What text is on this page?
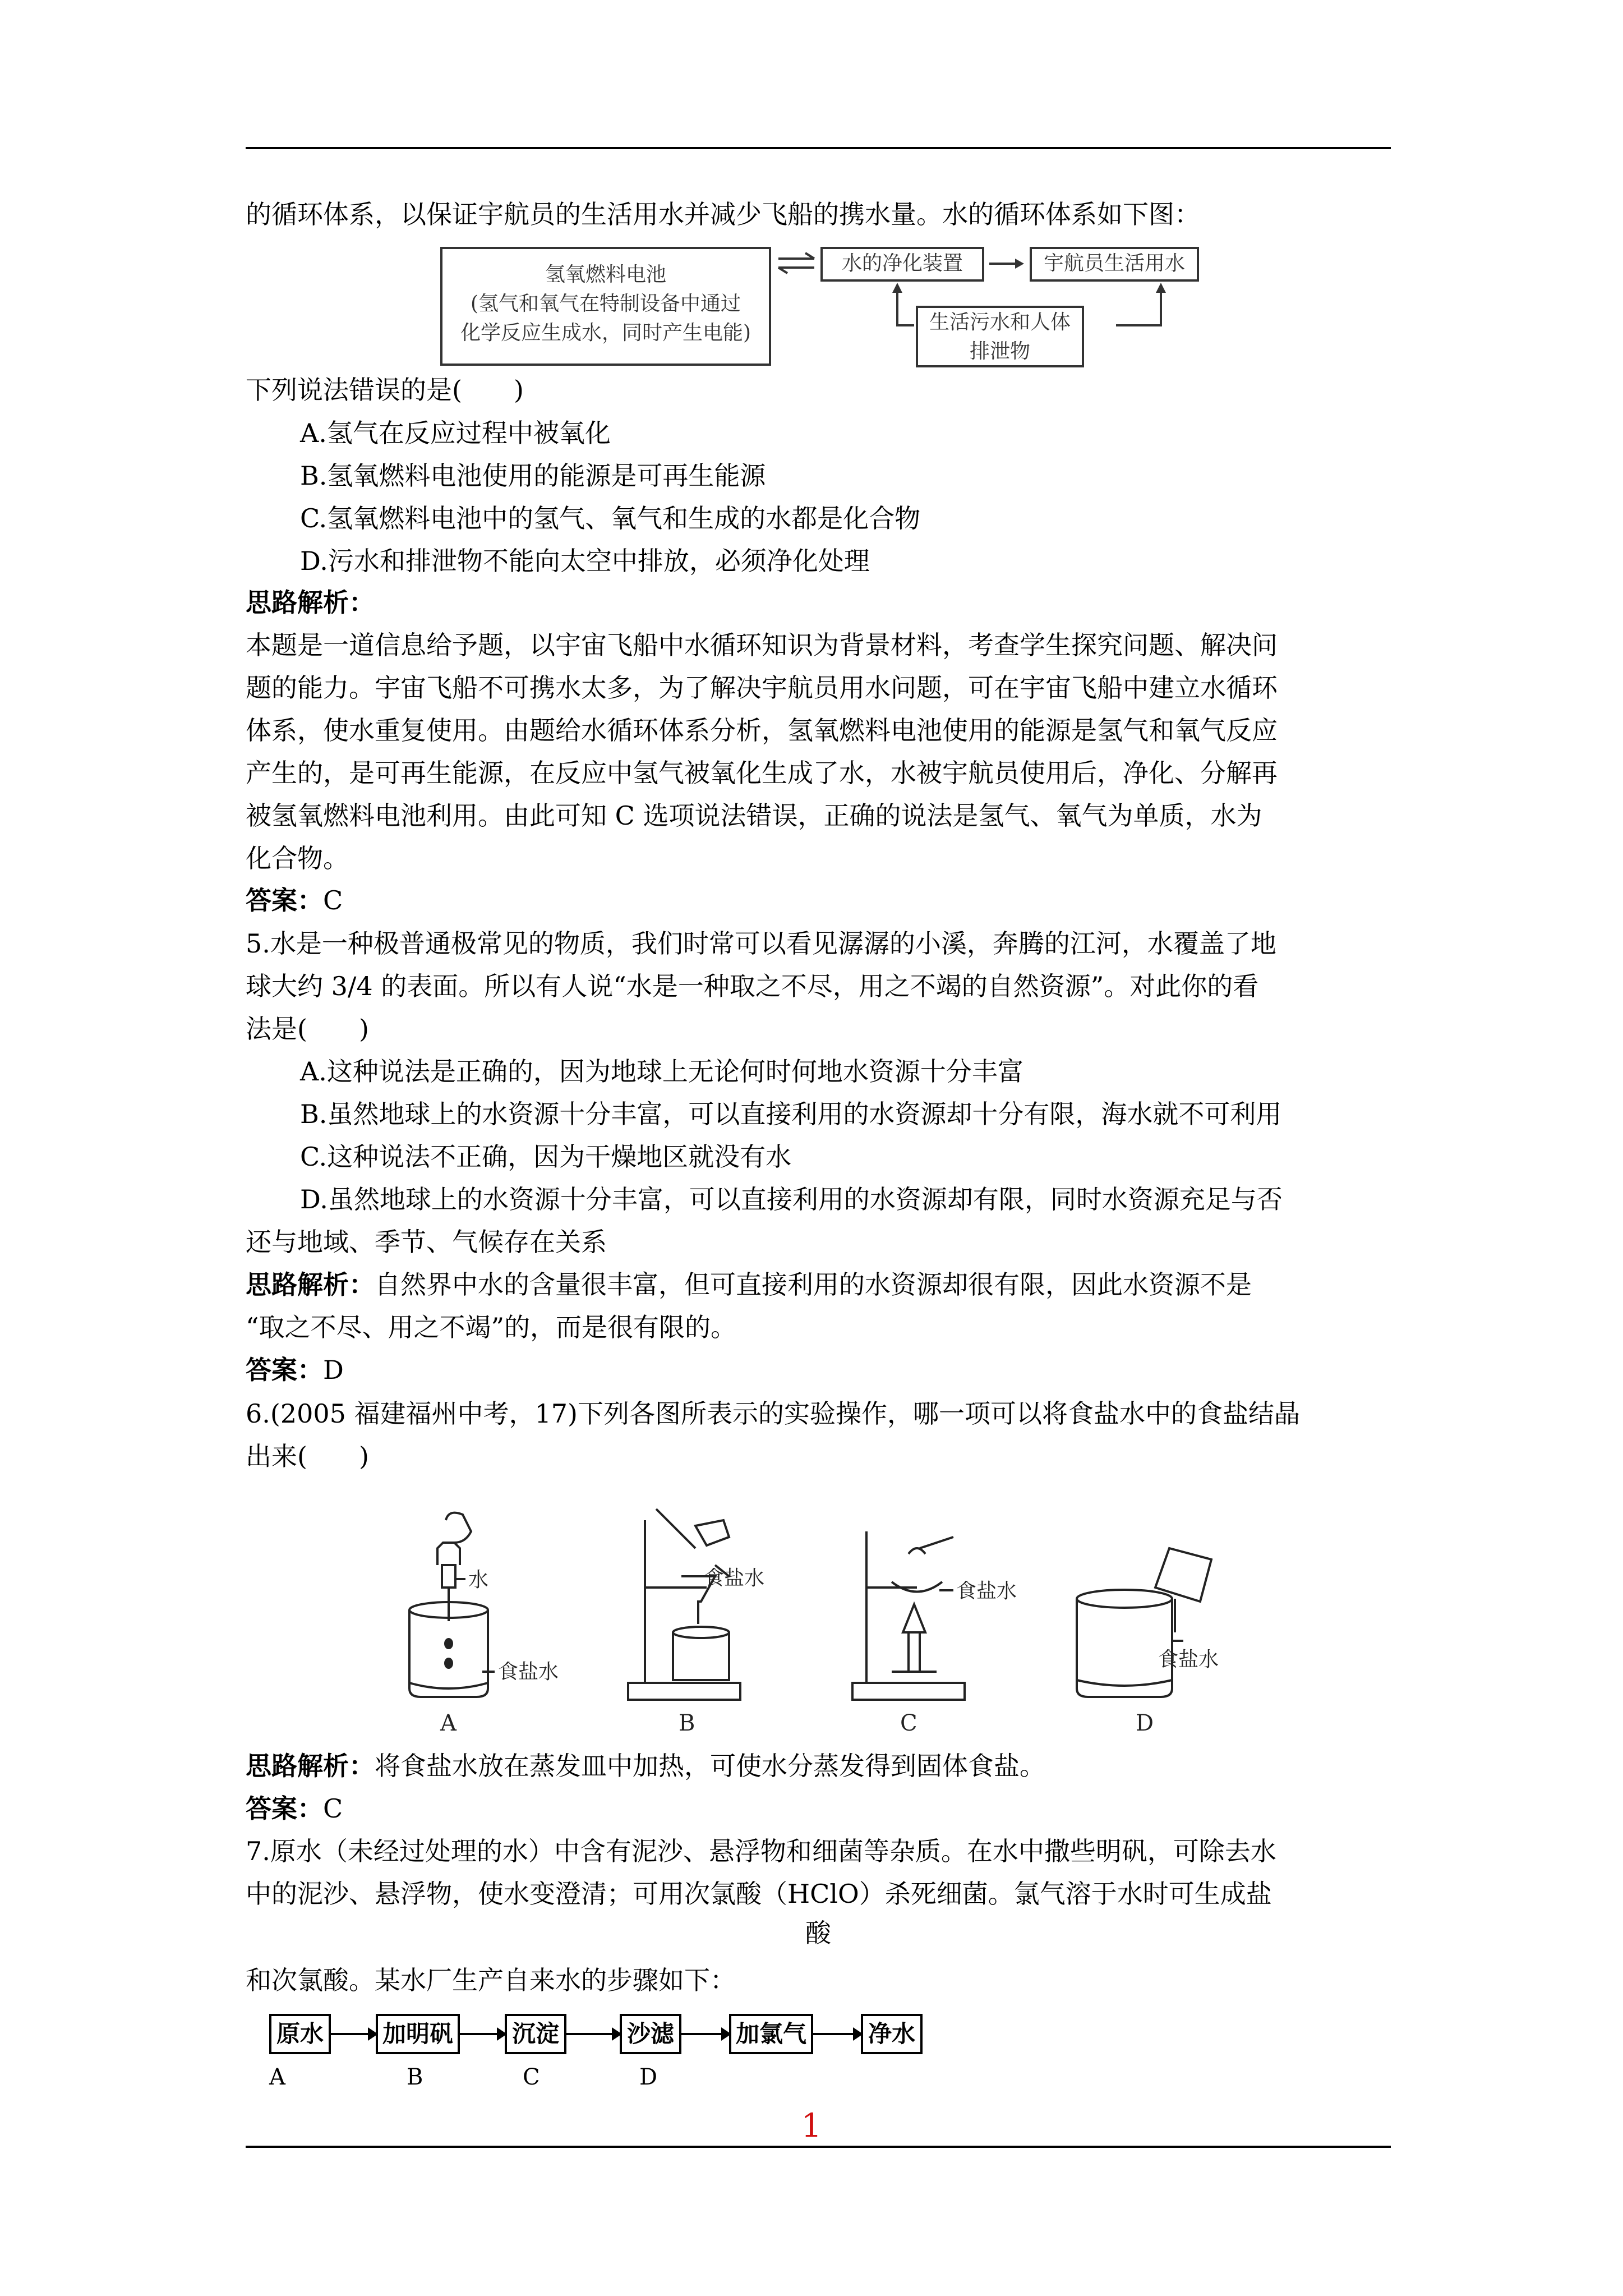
的循环体系，以保证宇航员的生活用水并减少飞船的携水量。水的循环体系如下图：
氢氧燃料电池
(氢气和氧气在特制设备中通过
化学反应生成水，同时产生电能)
水的净化装置	宇航员生活用水
生活污水和人体
排泄物
下列说法错误的是(　　)
A.氢气在反应过程中被氧化
B.氢氧燃料电池使用的能源是可再生能源
C.氢氧燃料电池中的氢气、氧气和生成的水都是化合物
D.污水和排泄物不能向太空中排放，必须净化处理
思路解析：
本题是一道信息给予题，以宇宙飞船中水循环知识为背景材料，考查学生探究问题、解决问
题的能力。宇宙飞船不可携水太多，为了解决宇航员用水问题，可在宇宙飞船中建立水循环
体系，使水重复使用。由题给水循环体系分析，氢氧燃料电池使用的能源是氢气和氧气反应
产生的，是可再生能源，在反应中氢气被氧化生成了水，水被宇航员使用后，净化、分解再
被氢氧燃料电池利用。由此可知 C 选项说法错误，正确的说法是氢气、氧气为单质，水为
化合物。
答案：C
5.水是一种极普通极常见的物质，我们时常可以看见潺潺的小溪，奔腾的江河，水覆盖了地
球大约 3/4 的表面。所以有人说“水是一种取之不尽，用之不竭的自然资源”。对此你的看
法是(　　)
A.这种说法是正确的，因为地球上无论何时何地水资源十分丰富
B.虽然地球上的水资源十分丰富，可以直接利用的水资源却十分有限，海水就不可利用
C.这种说法不正确，因为干燥地区就没有水
D.虽然地球上的水资源十分丰富，可以直接利用的水资源却有限，同时水资源充足与否
还与地域、季节、气候存在关系
思路解析：自然界中水的含量很丰富，但可直接利用的水资源却很有限，因此水资源不是
“取之不尽、用之不竭”的，而是很有限的。
答案：D
6.(2005 福建福州中考，17)下列各图所表示的实验操作，哪一项可以将食盐水中的食盐结晶
出来(　　)
水
食盐水
食盐水
食盐水
食盐水
A	B	C	D
思路解析：将食盐水放在蒸发皿中加热，可使水分蒸发得到固体食盐。
答案：C
7.原水（未经过处理的水）中含有泥沙、悬浮物和细菌等杂质。在水中撒些明矾，可除去水
中的泥沙、悬浮物，使水变澄清；可用次氯酸（HClO）杀死细菌。氯气溶于水时可生成盐
酸
和次氯酸。某水厂生产自来水的步骤如下：
原水	加明矾	沉淀	沙滤	加氯气	净水
A	B	C	D
1
